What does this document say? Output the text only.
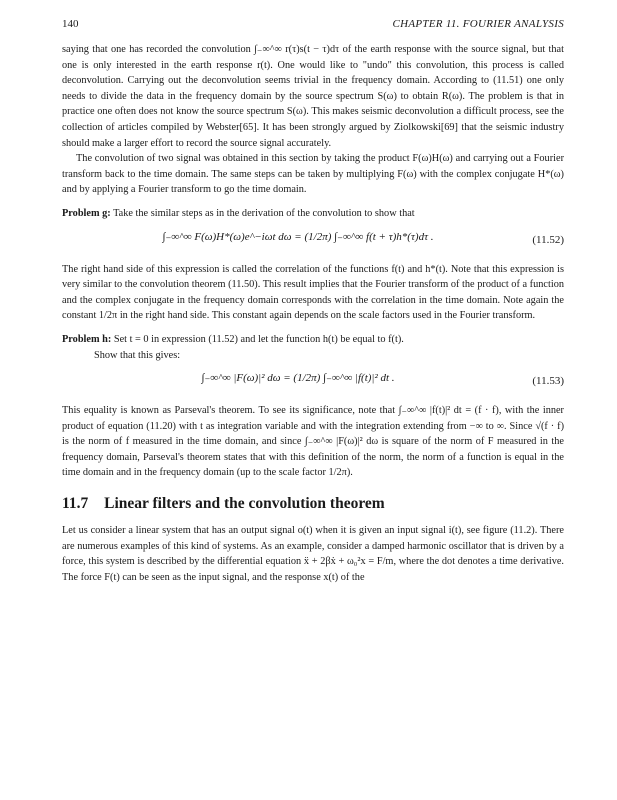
140	CHAPTER 11. FOURIER ANALYSIS

saying that one has recorded the convolution ∫₋∞^∞ r(τ)s(t − τ)dτ of the earth response with the source signal, but that one is only interested in the earth response r(t). One would like to "undo" this convolution, this process is called deconvolution. Carrying out the deconvolution seems trivial in the frequency domain. According to (11.51) one only needs to divide the data in the frequency domain by the source spectrum S(ω) to obtain R(ω). The problem is that in practice one often does not know the source spectrum S(ω). This makes seismic deconvolution a difficult process, see the collection of articles compiled by Webster[65]. It has been strongly argued by Ziolkowski[69] that the seismic industry should make a larger effort to record the source signal accurately.

The convolution of two signal was obtained in this section by taking the product F(ω)H(ω) and carrying out a Fourier transform back to the time domain. The same steps can be taken by multiplying F(ω) with the complex conjugate H*(ω) and by applying a Fourier transform to go the time domain.

Problem g: Take the similar steps as in the derivation of the convolution to show that

∫₋∞^∞ F(ω)H*(ω)e^−iωt dω = (1/2π) ∫₋∞^∞ f(t + τ)h*(τ)dτ .	(11.52)

The right hand side of this expression is called the correlation of the functions f(t) and h*(t). Note that this expression is very similar to the convolution theorem (11.50). This result implies that the Fourier transform of the product of a function and the complex conjugate in the frequency domain corresponds with the correlation in the time domain. Note again the constant 1/2π in the right hand side. This constant again depends on the scale factors used in the Fourier transform.

Problem h: Set t = 0 in expression (11.52) and let the function h(t) be equal to f(t).

Show that this gives:

∫₋∞^∞ |F(ω)|² dω = (1/2π) ∫₋∞^∞ |f(t)|² dt .	(11.53)

This equality is known as Parseval's theorem. To see its significance, note that ∫₋∞^∞ |f(t)|² dt = (f · f), with the inner product of equation (11.20) with t as integration variable and with the integration extending from −∞ to ∞. Since √(f · f) is the norm of f measured in the time domain, and since ∫₋∞^∞ |F(ω)|² dω is square of the norm of F measured in the frequency domain, Parseval's theorem states that with this definition of the norm, the norm of a function is equal in the time domain and in the frequency domain (up to the scale factor 1/2π).

11.7 Linear filters and the convolution theorem

Let us consider a linear system that has an output signal o(t) when it is given an input signal i(t), see figure (11.2). There are numerous examples of this kind of systems. As an example, consider a damped harmonic oscillator that is driven by a force, this system is described by the differential equation ẍ + 2βẋ + ω₀²x = F/m, where the dot denotes a time derivative. The force F(t) can be seen as the input signal, and the response x(t) of the
